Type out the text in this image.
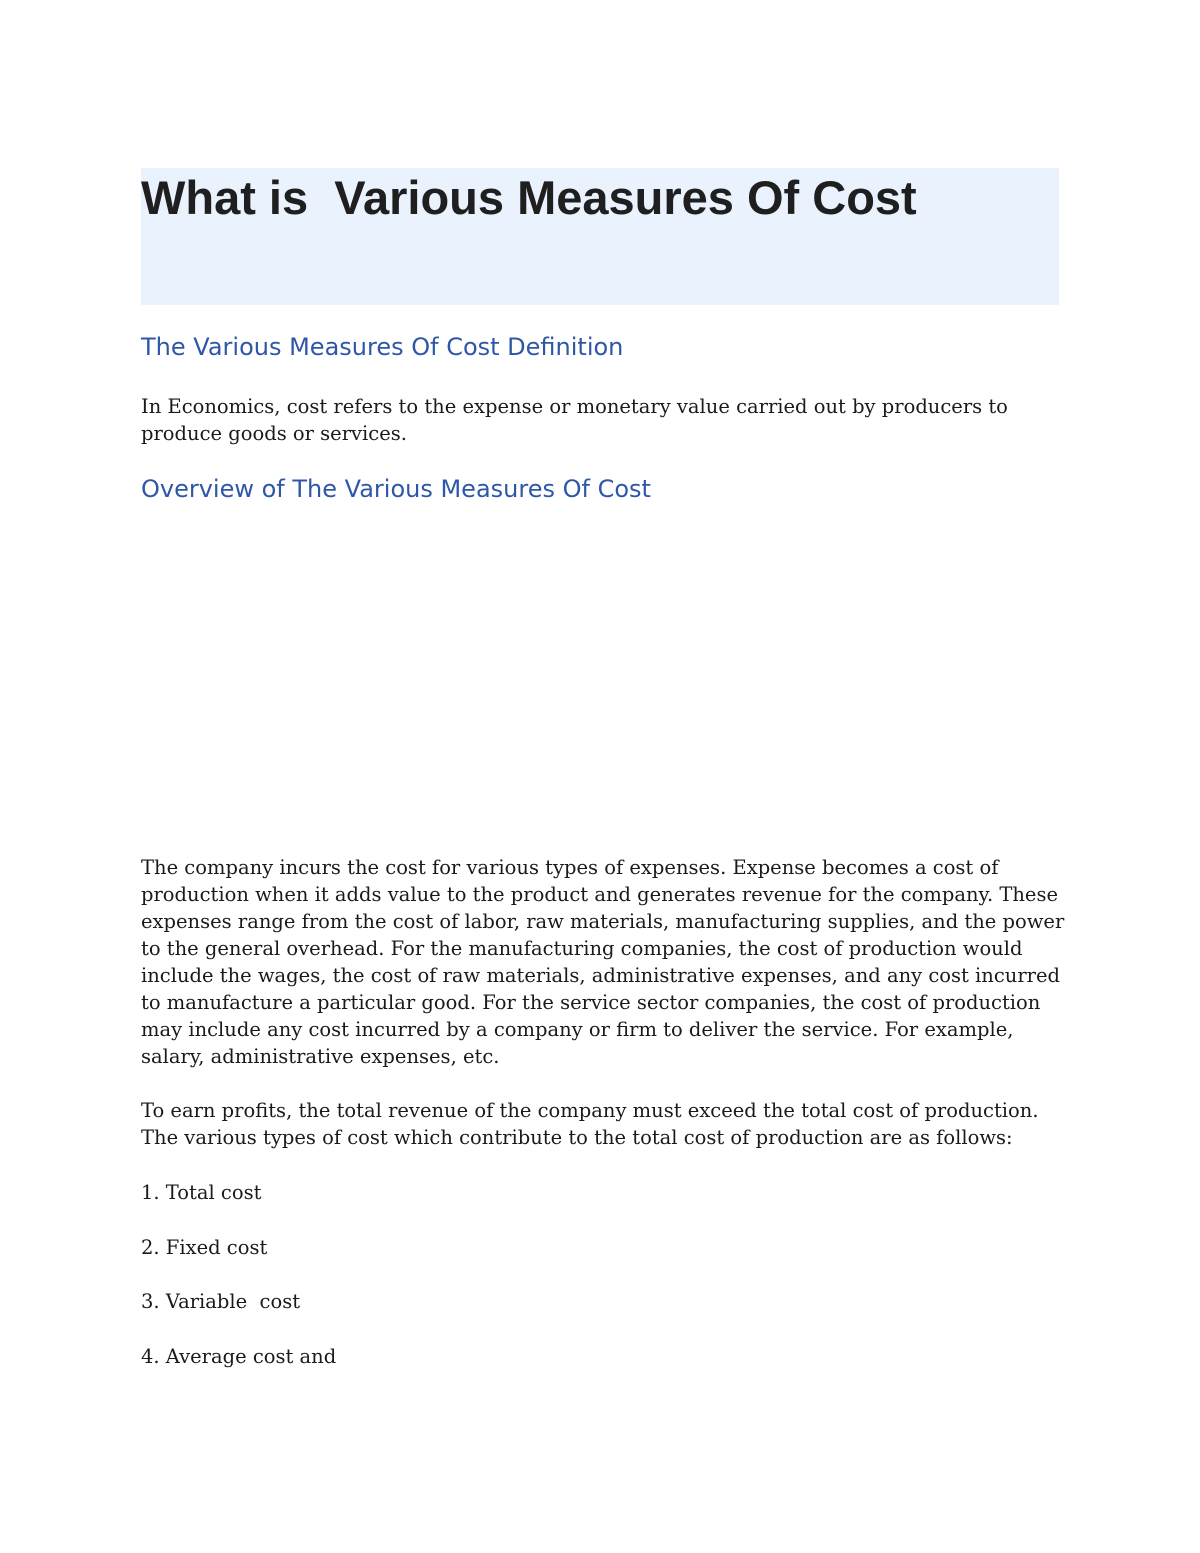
What is  Various Measures Of Cost
The Various Measures Of Cost Definition

In Economics, cost refers to the expense or monetary value carried out by producers to produce goods or services.

Overview of The Various Measures Of Cost

The company incurs the cost for various types of expenses. Expense becomes a cost of production when it adds value to the product and generates revenue for the company. These expenses range from the cost of labor, raw materials, manufacturing supplies, and the power to the general overhead. For the manufacturing companies, the cost of production would include the wages, the cost of raw materials, administrative expenses, and any cost incurred to manufacture a particular good. For the service sector companies, the cost of production may include any cost incurred by a company or firm to deliver the service. For example, salary, administrative expenses, etc.

To earn profits, the total revenue of the company must exceed the total cost of production. The various types of cost which contribute to the total cost of production are as follows:

1. Total cost

2. Fixed cost

3. Variable  cost

4. Average cost and
